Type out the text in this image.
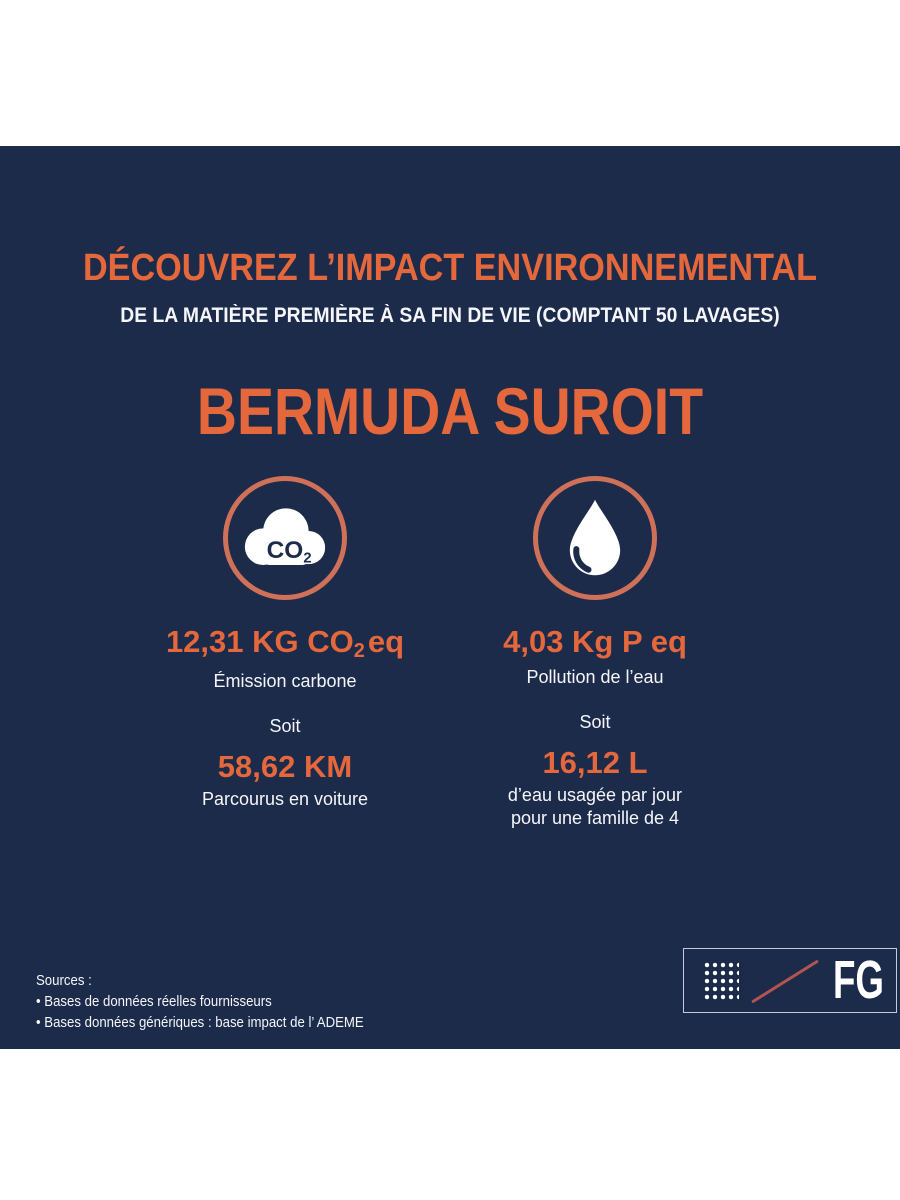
DÉCOUVREZ L’IMPACT ENVIRONNEMENTAL
DE LA MATIÈRE PREMIÈRE À SA FIN DE VIE (COMPTANT 50 LAVAGES)
BERMUDA SUROIT
CO2
12,31 KG CO2eq
Émission carbone
Soit
58,62 KM
Parcourus en voiture
4,03 Kg P eq
Pollution de l’eau
Soit
16,12 L
d’eau usagée par jour
pour une famille de 4
Sources :
• Bases de données réelles fournisseurs
• Bases données génériques : base impact de l’ ADEME
FG
